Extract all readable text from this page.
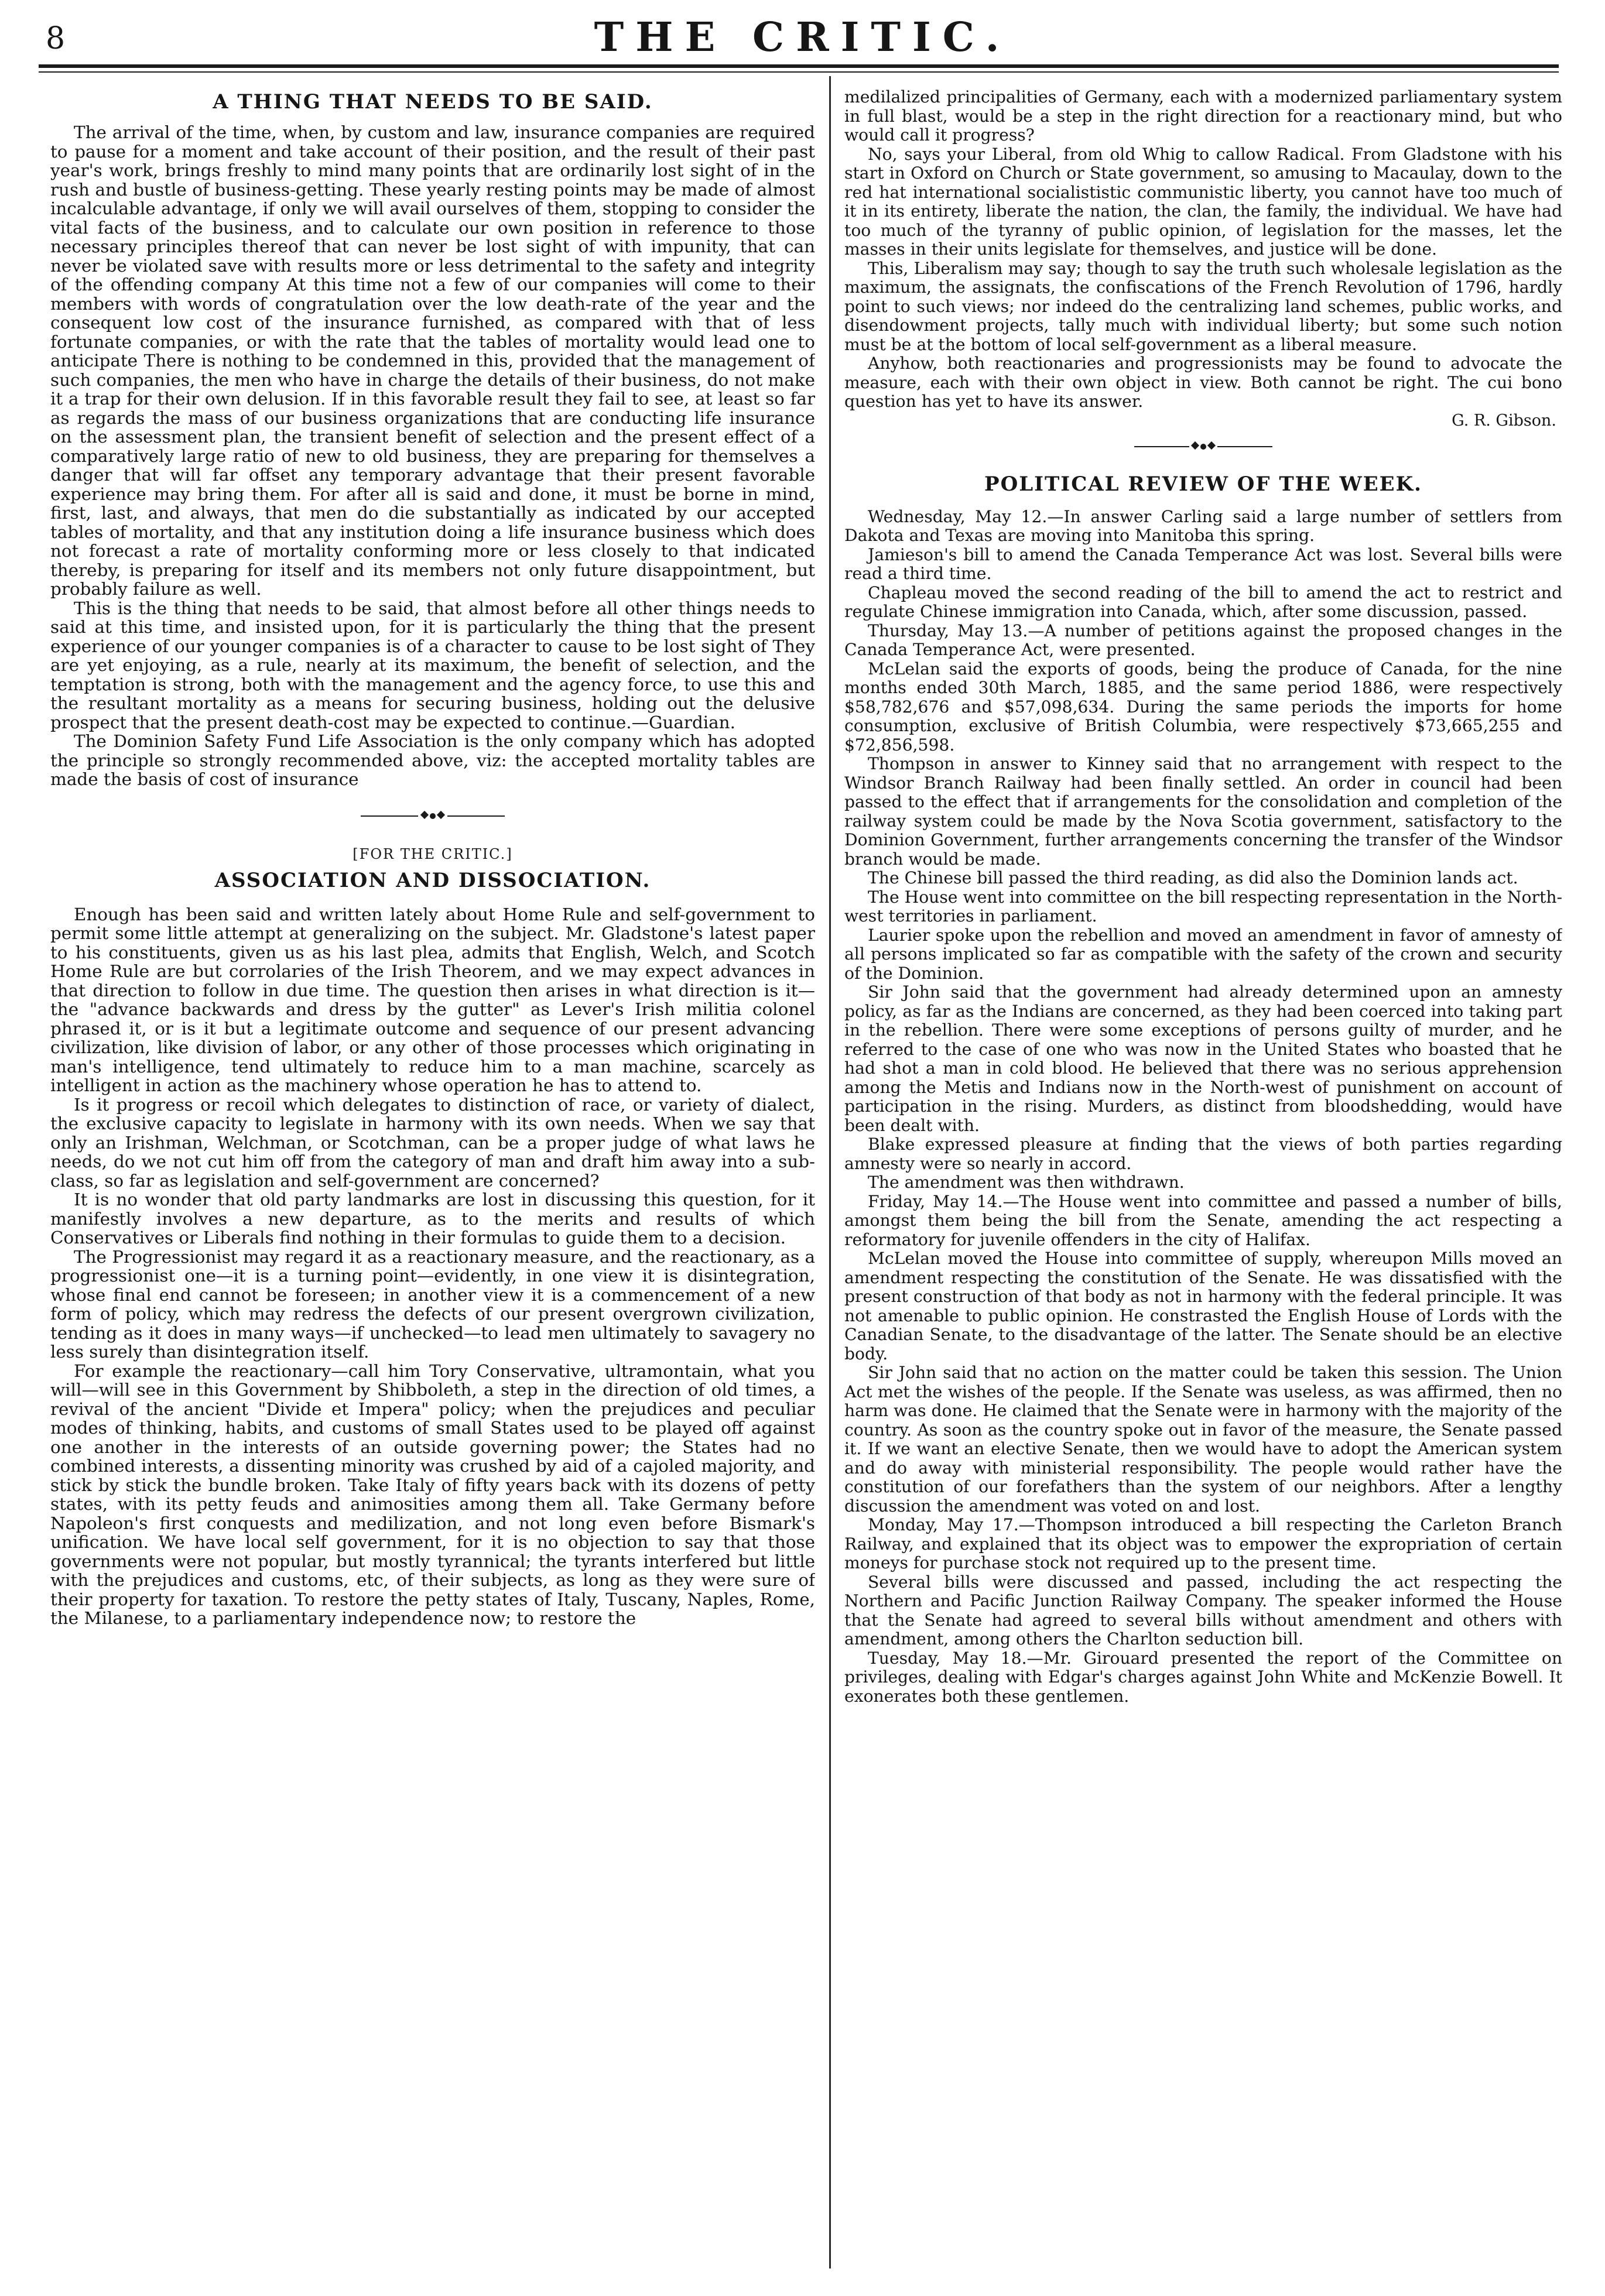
8	THE CRITIC.
A THING THAT NEEDS TO BE SAID.

The arrival of the time, when, by custom and law, insurance companies are required to pause for a moment and take account of their position, and the result of their past year's work, brings freshly to mind many points that are ordinarily lost sight of in the rush and bustle of business-getting. These yearly resting points may be made of almost incalculable advantage, if only we will avail ourselves of them, stopping to consider the vital facts of the business, and to calculate our own position in reference to those necessary principles thereof that can never be lost sight of with impunity, that can never be violated save with results more or less detrimental to the safety and integrity of the offending company At this time not a few of our companies will come to their members with words of congratulation over the low death-rate of the year and the consequent low cost of the insurance furnished, as compared with that of less fortunate companies, or with the rate that the tables of mortality would lead one to anticipate There is nothing to be condemned in this, provided that the management of such companies, the men who have in charge the details of their business, do not make it a trap for their own delusion. If in this favorable result they fail to see, at least so far as regards the mass of our business organizations that are conducting life insurance on the assessment plan, the transient benefit of selection and the present effect of a comparatively large ratio of new to old business, they are preparing for themselves a danger that will far offset any temporary advantage that their present favorable experience may bring them. For after all is said and done, it must be borne in mind, first, last, and always, that men do die substantially as indicated by our accepted tables of mortality, and that any institution doing a life insurance business which does not forecast a rate of mortality conforming more or less closely to that indicated thereby, is preparing for itself and its members not only future disappointment, but probably failure as well.

This is the thing that needs to be said, that almost before all other things needs to said at this time, and insisted upon, for it is particularly the thing that the present experience of our younger companies is of a character to cause to be lost sight of They are yet enjoying, as a rule, nearly at its maximum, the benefit of selection, and the temptation is strong, both with the management and the agency force, to use this and the resultant mortality as a means for securing business, holding out the delusive prospect that the present death-cost may be expected to continue.—Guardian.

The Dominion Safety Fund Life Association is the only company which has adopted the principle so strongly recommended above, viz: the accepted mortality tables are made the basis of cost of insurance

[FOR THE CRITIC.]

ASSOCIATION AND DISSOCIATION.

Enough has been said and written lately about Home Rule and self-government to permit some little attempt at generalizing on the subject. Mr. Gladstone's latest paper to his constituents, given us as his last plea, admits that English, Welch, and Scotch Home Rule are but corrolaries of the Irish Theorem, and we may expect advances in that direction to follow in due time. The question then arises in what direction is it—the "advance backwards and dress by the gutter" as Lever's Irish militia colonel phrased it, or is it but a legitimate outcome and sequence of our present advancing civilization, like division of labor, or any other of those processes which originating in man's intelligence, tend ultimately to reduce him to a man machine, scarcely as intelligent in action as the machinery whose operation he has to attend to.

Is it progress or recoil which delegates to distinction of race, or variety of dialect, the exclusive capacity to legislate in harmony with its own needs. When we say that only an Irishman, Welchman, or Scotchman, can be a proper judge of what laws he needs, do we not cut him off from the category of man and draft him away into a sub-class, so far as legislation and self-government are concerned?

It is no wonder that old party landmarks are lost in discussing this question, for it manifestly involves a new departure, as to the merits and results of which Conservatives or Liberals find nothing in their formulas to guide them to a decision.

The Progressionist may regard it as a reactionary measure, and the reactionary, as a progressionist one—it is a turning point—evidently, in one view it is disintegration, whose final end cannot be foreseen; in another view it is a commencement of a new form of policy, which may redress the defects of our present overgrown civilization, tending as it does in many ways—if unchecked—to lead men ultimately to savagery no less surely than disintegration itself.

For example the reactionary—call him Tory Conservative, ultramontain, what you will—will see in this Government by Shibboleth, a step in the direction of old times, a revival of the ancient "Divide et Impera" policy; when the prejudices and peculiar modes of thinking, habits, and customs of small States used to be played off against one another in the interests of an outside governing power; the States had no combined interests, a dissenting minority was crushed by aid of a cajoled majority, and stick by stick the bundle broken. Take Italy of fifty years back with its dozens of petty states, with its petty feuds and animosities among them all. Take Germany before Napoleon's first conquests and medilization, and not long even before Bismark's unification. We have local self government, for it is no objection to say that those governments were not popular, but mostly tyrannical; the tyrants interfered but little with the prejudices and customs, etc, of their subjects, as long as they were sure of their property for taxation. To restore the petty states of Italy, Tuscany, Naples, Rome, the Milanese, to a parliamentary independence now; to restore the

medilalized principalities of Germany, each with a modernized parliamentary system in full blast, would be a step in the right direction for a reactionary mind, but who would call it progress?

No, says your Liberal, from old Whig to callow Radical. From Gladstone with his start in Oxford on Church or State government, so amusing to Macaulay, down to the red hat international socialististic communistic liberty, you cannot have too much of it in its entirety, liberate the nation, the clan, the family, the individual. We have had too much of the tyranny of public opinion, of legislation for the masses, let the masses in their units legislate for themselves, and justice will be done.

This, Liberalism may say; though to say the truth such wholesale legislation as the maximum, the assignats, the confiscations of the French Revolution of 1796, hardly point to such views; nor indeed do the centralizing land schemes, public works, and disendowment projects, tally much with individual liberty; but some such notion must be at the bottom of local self-government as a liberal measure.

Anyhow, both reactionaries and progressionists may be found to advocate the measure, each with their own object in view. Both cannot be right. The cui bono question has yet to have its answer.

G. R. Gibson.

POLITICAL REVIEW OF THE WEEK.

Wednesday, May 12.—In answer Carling said a large number of settlers from Dakota and Texas are moving into Manitoba this spring.

Jamieson's bill to amend the Canada Temperance Act was lost. Several bills were read a third time.

Chapleau moved the second reading of the bill to amend the act to restrict and regulate Chinese immigration into Canada, which, after some discussion, passed.

Thursday, May 13.—A number of petitions against the proposed changes in the Canada Temperance Act, were presented.

McLelan said the exports of goods, being the produce of Canada, for the nine months ended 30th March, 1885, and the same period 1886, were respectively $58,782,676 and $57,098,634. During the same periods the imports for home consumption, exclusive of British Columbia, were respectively $73,665,255 and $72,856,598.

Thompson in answer to Kinney said that no arrangement with respect to the Windsor Branch Railway had been finally settled. An order in council had been passed to the effect that if arrangements for the consolidation and completion of the railway system could be made by the Nova Scotia government, satisfactory to the Dominion Government, further arrangements concerning the transfer of the Windsor branch would be made.

The Chinese bill passed the third reading, as did also the Dominion lands act.

The House went into committee on the bill respecting representation in the North-west territories in parliament.

Laurier spoke upon the rebellion and moved an amendment in favor of amnesty of all persons implicated so far as compatible with the safety of the crown and security of the Dominion.

Sir John said that the government had already determined upon an amnesty policy, as far as the Indians are concerned, as they had been coerced into taking part in the rebellion. There were some exceptions of persons guilty of murder, and he referred to the case of one who was now in the United States who boasted that he had shot a man in cold blood. He believed that there was no serious apprehension among the Metis and Indians now in the North-west of punishment on account of participation in the rising. Murders, as distinct from bloodshedding, would have been dealt with.

Blake expressed pleasure at finding that the views of both parties regarding amnesty were so nearly in accord.

The amendment was then withdrawn.

Friday, May 14.—The House went into committee and passed a number of bills, amongst them being the bill from the Senate, amending the act respecting a reformatory for juvenile offenders in the city of Halifax.

McLelan moved the House into committee of supply, whereupon Mills moved an amendment respecting the constitution of the Senate. He was dissatisfied with the present construction of that body as not in harmony with the federal principle. It was not amenable to public opinion. He constrasted the English House of Lords with the Canadian Senate, to the disadvantage of the latter. The Senate should be an elective body.

Sir John said that no action on the matter could be taken this session. The Union Act met the wishes of the people. If the Senate was useless, as was affirmed, then no harm was done. He claimed that the Senate were in harmony with the majority of the country. As soon as the country spoke out in favor of the measure, the Senate passed it. If we want an elective Senate, then we would have to adopt the American system and do away with ministerial responsibility. The people would rather have the constitution of our forefathers than the system of our neighbors. After a lengthy discussion the amendment was voted on and lost.

Monday, May 17.—Thompson introduced a bill respecting the Carleton Branch Railway, and explained that its object was to empower the expropriation of certain moneys for purchase stock not required up to the present time.

Several bills were discussed and passed, including the act respecting the Northern and Pacific Junction Railway Company. The speaker informed the House that the Senate had agreed to several bills without amendment and others with amendment, among others the Charlton seduction bill.

Tuesday, May 18.—Mr. Girouard presented the report of the Committee on privileges, dealing with Edgar's charges against John White and McKenzie Bowell. It exonerates both these gentlemen.
